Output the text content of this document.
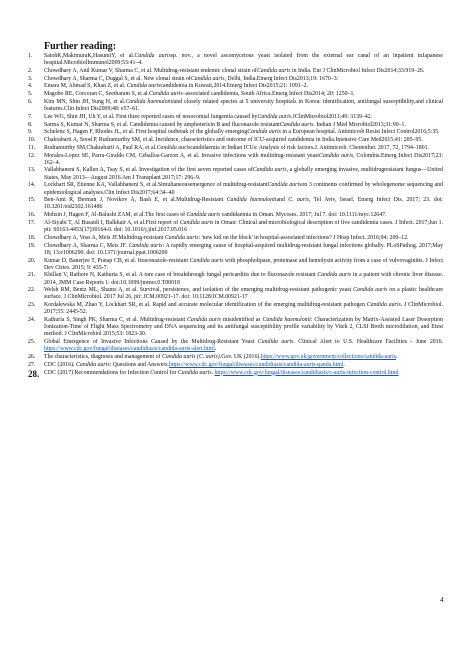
Further reading:
1.	SatohK,MakimuraK,HasumiY, et al.Candida aurissp. nov., a novel ascomycetous yeast isolated from the external ear canal of an inpatient inJapanese hospital.MicrobiolImmunol2009;53:41–4.
2.	Chowdhary A, Anil Kumar V, Sharma C, et al. Multidrug-resistant endemic clonal strain ofCandida auris in India. Eur J ClinMicrobiol Infect Dis2014;33:919–26.
3.	Chowdhary A, Sharma C, Duggal S, et al. New clonal strain ofCandida auris, Delhi, India.Emerg Infect Dis2013;19: 1670–3.
4.	Emara M, Ahmad S, Khan Z, et al. Candida auriscandidemia in Kuwait,2014.Emerg Infect Dis2015;21: 1091–2.
5.	Magobo RE, Corcoran C, Seetharam S, et al.Candida auris–associated candidemia, South Africa.Emerg Infect Dis2014; 20: 1250–1.
6.	Kim MN, Shin JH, Sung H, et al.Candida haemuloniiand closely related species at 5 university hospitals in Korea: identification, antifungal susceptibility,and clinical features.Clin Infect Dis2009;48: e57–61.
7.	Lee WG, Shin JH, Uh Y, et al. First three reported cases of nosocomial fungemia caused byCandida auris.JClinMicrobiol2011;49: 3139–42.
8.	Sarma S, Kumar N, Sharma S, et al. Candidemia caused by amphotericin B and fluconazole resistantCandida auris. Indian J Med Microbiol2013;31:90–1.
9.	Schelenz S, Hagen F, Rhodes JL, et al. First hospital outbreak of the globally emergingCandida auris in a European hospital. Antimicrob Resist Infect Control2016;5:35.
10.	Chakrabarti A, Sood P, Rudramurthy SM, et al. Incidence, characteristics and outcome of ICU-acquired candidemia in India.Intensive Care Med2015;41: 285–95.
11.	Rudramurthy SM,Chakrabarti A, Paul RA, et al.Candida auriscandidaemia in Indian ICUs: Analysis of risk factors.J. Antimicrob. Chemother. 2017, 72, 1794–1801.
12.	Morales-Lopez SE, Parra-Giraldo CM, Ceballos-Garzon A, et al. Invasive infections with multidrug-resistant yeastCandida auris, Colombia.Emerg Infect Dis2017;23: 162–4.
13.	Vallabhaneni S, Kallen A, Tsay S, et al. Investigation of the first seven reported cases ofCandida auris, a globally emerging invasive, multidrugresistant fungus—United States, May 2013—August 2016.Am J Transplant 2017;17: 296–9.
14.	Lockhart SR, Etienne KA, Vallabhaneni S, et al.Simultaneousemergence of multidrug-resistantCandida aurison 3 continents confirmed by wholegenome sequencing and epidemiological analyses.Clin Infect Dis2017;64:34–40
15.	Ben-Ami R, Berman J, Novikov A, Bash E, et al.Multidrug-Resistant Candida haemuloniiand C. auris, Tel Aviv, Israel. Emerg Infect Dis. 2017; 23. doi: 10.3201/eid2302.161486
16.	Mohsin J, Hagen F, Al-Balushi ZAM, et al.The first cases of Candida auris candidaemia in Oman. Mycoses. 2017; Jul 7. doi: 10.1111/myc.12647.
17.	Al-Siyabi T, Al Busaidi I, Balkhair A, et al.First report of Candida auris in Oman: Clinical and microbiological description of five candidemia cases. J Infect. 2017;Jun 1. pii: S0163-4453(17)30164-0. doi: 10.1016/j.jinf.2017.05.016
18.	Chowdhary A, Voss A, Meis JF.Multidrug-resistant Candida auris: 'new kid on the block' in hospital-associated infections? J Hosp Infect. 2016;94: 209–12.
19.	Chowdhary A, Sharma C, Meis JF. Candida auris: A rapidly emerging cause of hospital-acquired multidrug-resistant fungal infections globally. PLoSPathog. 2017;May 18; 13:e1006290. doi: 10.1371/journal.ppat.1006290
20.	Kumar D, Banerjee T, Pratap CB, et al. Itraconazole-resistant Candida auris with phospholipase, proteinase and hemolysin activity from a case of vulvovaginitis. J Infect Dev Ctries. 2015; 9: 435-7.
21.	Khillan V, Rathore N, Kathuria S, et al. A rare case of breakthrough fungal pericarditis due to fluconazole resistant Candida auris in a patient with chronic liver disease. 2014, JMM Case Reports 1: doi:10.1099/jmmcr.0.T00018
22.	Welsh RM, Bentz ML, Shams A, et al. Survival, persistence, and isolation of the emerging multidrug-resistant pathogenic yeast Candida auris on a plastic healthcare surface. J ClinMicrobiol. 2017 Jul 26, pii: JCM.00921-17. doi: 10.1128/JCM.00921-17
23.	Kordalewska M, Zhao Y, Lockhart SR, et al. Rapid and accurate molecular identification of the emerging multidrug-resistant pathogen Candida auris. J ClinMicrobiol. 2017;55: 2445-52.
24.	Kathuria S, Singh PK, Sharma C, et al. Multidrug-resistant Candida auris misidentified as Candida haemulonii: Characterization by Matrix-Assisted Laser Desorption Ionization-Time of Flight Mass Spectrometry and DNA sequencing and its antifungal susceptibility profile variability by Vitek 2, CLSI Broth microdilution, and Etest method. J ClinMicrobiol 2015;53: 1823-30.
25.	Global Emergence of Invasive Infections Caused by the Multidrug-Resistant Yeast Candida auris. Clinical Alert to U.S. Healthcare Facilities - June 2016. https://www.cdc.gov/fungal/diseases/candidiasis/candida-auris-alert.html.
26.	The characteristics, diagnosis and management of Candida auris (C. auris).Gov. UK (2016).https://www.gov.uk/government/collections/candida-auris.
27.	CDC (2016). Candida auris: Questions and Answers.https://www.cdc.gov/fungal/diseases/candidiasis/candida-auris-qanda.html.
28. CDC (2017) Recommendations for Infection Control for Candida auris. https://www.cdc.gov/fungal/diseases/candidiasis/c-auris-infection-control.html
4
